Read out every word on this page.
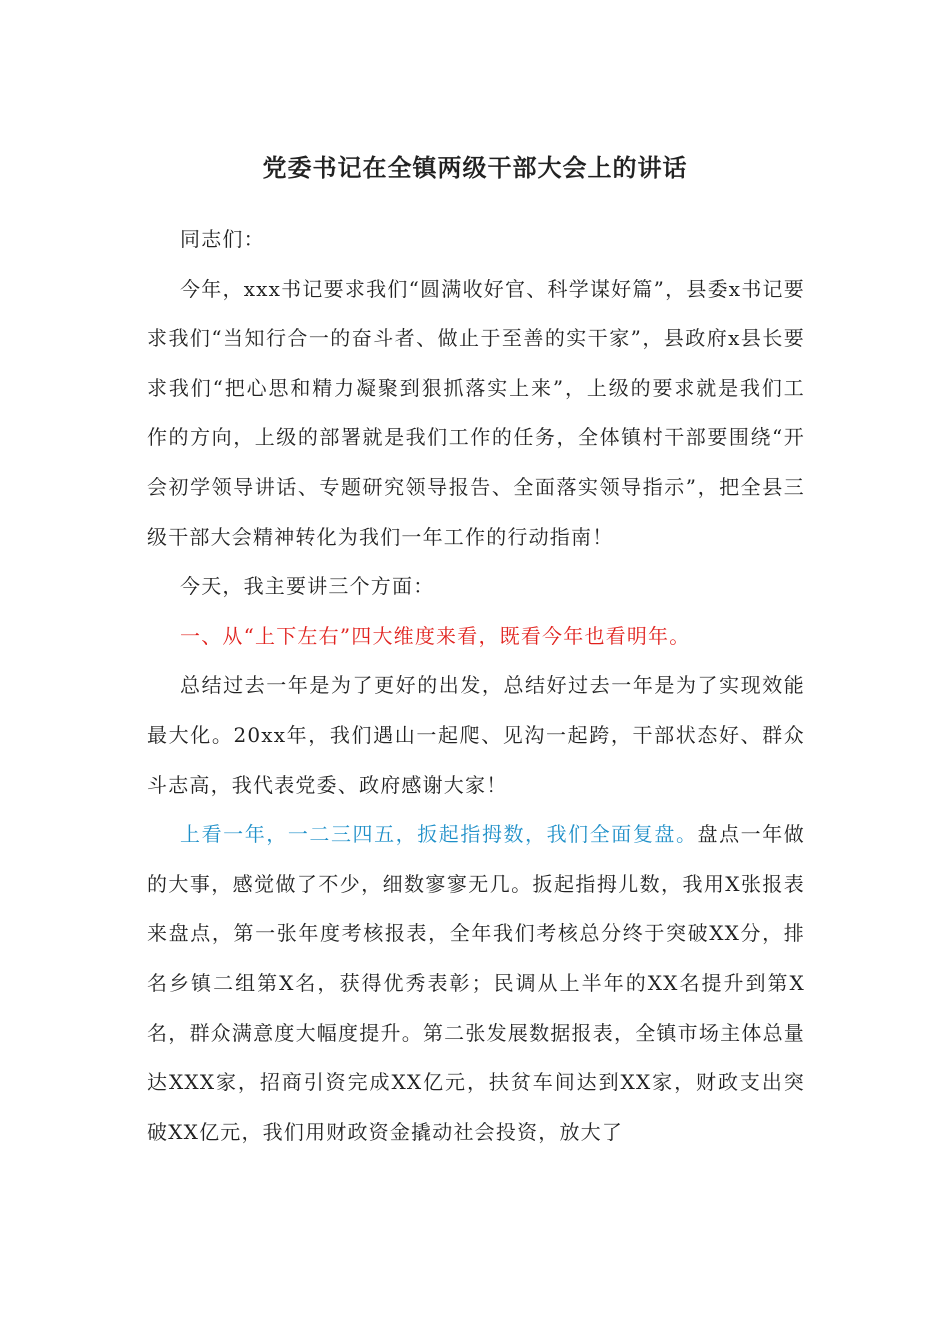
党委书记在全镇两级干部大会上的讲话

同志们：

今年，xxx书记要求我们“圆满收好官、科学谋好篇”，县委x书记要求我们“当知行合一的奋斗者、做止于至善的实干家”，县政府x县长要求我们“把心思和精力凝聚到狠抓落实上来”，上级的要求就是我们工作的方向，上级的部署就是我们工作的任务，全体镇村干部要围绕“开会初学领导讲话、专题研究领导报告、全面落实领导指示”，把全县三级干部大会精神转化为我们一年工作的行动指南！

今天，我主要讲三个方面：

一、从“上下左右”四大维度来看，既看今年也看明年。

总结过去一年是为了更好的出发，总结好过去一年是为了实现效能最大化。20xx年，我们遇山一起爬、见沟一起跨，干部状态好、群众斗志高，我代表党委、政府感谢大家！

上看一年，一二三四五，扳起指拇数，我们全面复盘。盘点一年做的大事，感觉做了不少，细数寥寥无几。扳起指拇儿数，我用X张报表来盘点，第一张年度考核报表，全年我们考核总分终于突破XX分，排名乡镇二组第X名，获得优秀表彰；民调从上半年的XX名提升到第X名，群众满意度大幅度提升。第二张发展数据报表，全镇市场主体总量达XXX家，招商引资完成XX亿元，扶贫车间达到XX家，财政支出突破XX亿元，我们用财政资金撬动社会投资，放大了
